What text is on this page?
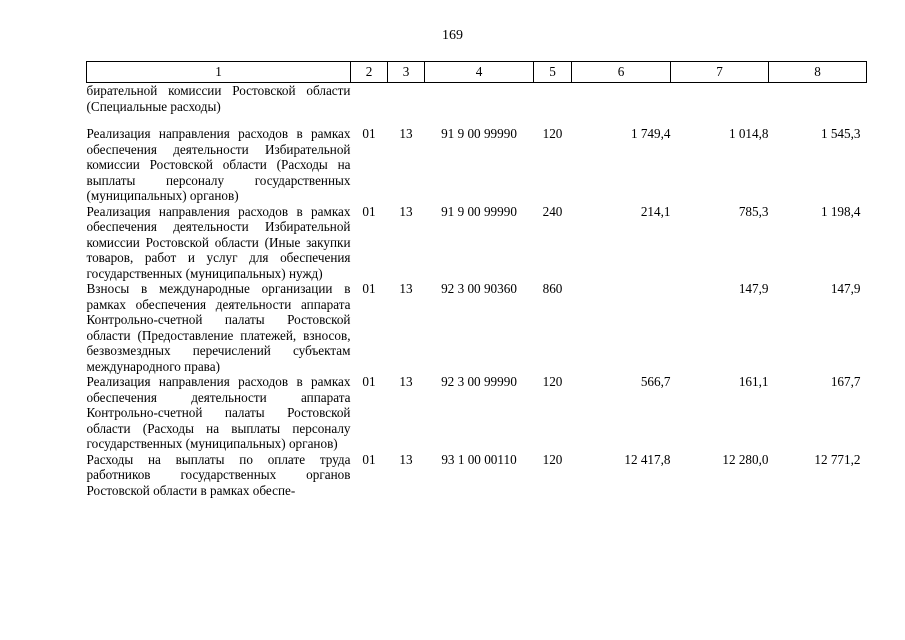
169
1	2	3	4	5	6	7	8
бирательной комиссии Ростовской области (Специальные расходы)							
Реализация направления расходов в рамках обеспечения деятельности Избирательной комиссии Ростовской области (Расходы на выплаты персоналу государственных (муниципальных) органов)	01	13	91 9 00 99990	120	1 749,4	1 014,8	1 545,3
Реализация направления расходов в рамках обеспечения деятельности Избирательной комиссии Ростовской области (Иные закупки товаров, работ и услуг для обеспечения государственных (муниципальных) нужд)	01	13	91 9 00 99990	240	214,1	785,3	1 198,4
Взносы в международные организации в рамках обеспечения деятельности аппарата Контрольно-счетной палаты Ростовской области (Предоставление платежей, взносов, безвозмездных перечислений субъектам международного права)	01	13	92 3 00 90360	860		147,9	147,9
Реализация направления расходов в рамках обеспечения деятельности аппарата Контрольно-счетной палаты Ростовской области (Расходы на выплаты персоналу государственных (муниципальных) органов)	01	13	92 3 00 99990	120	566,7	161,1	167,7
Расходы на выплаты по оплате труда работников государственных органов Ростовской области в рамках обеспе-	01	13	93 1 00 00110	120	12 417,8	12 280,0	12 771,2
